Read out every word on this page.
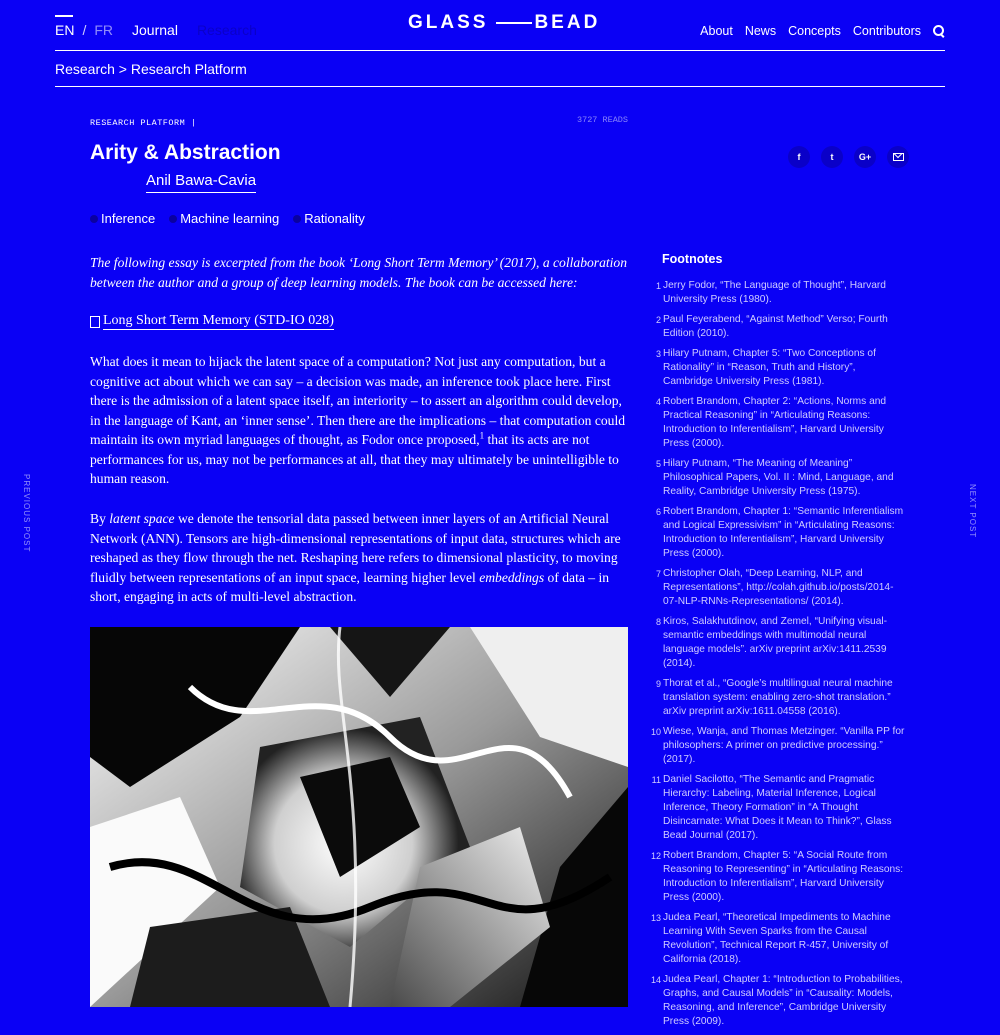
EN / FR Journal Research	GLASS BEAD	About News Concepts Contributors
Research > Research Platform
RESEARCH PLATFORM |	3727 READS
Arity & Abstraction
Anil Bawa-Cavia
f	t	G+
Inference Machine learning Rationality

The following essay is excerpted from the book ‘Long Short Term Memory’ (2017), a collaboration between the author and a group of deep learning models. The book can be accessed here:

Long Short Term Memory (STD-IO 028)

What does it mean to hijack the latent space of a computation? Not just any computation, but a cognitive act about which we can say – a decision was made, an inference took place here. First there is the admission of a latent space itself, an interiority – to assert an algorithm could develop, in the language of Kant, an ‘inner sense’. Then there are the implications – that computation could maintain its own myriad languages of thought, as Fodor once proposed,$^1$ that its acts are not performances for us, may not be performances at all, that they may ultimately be unintelligible to human reason.

By latent space we denote the tensorial data passed between inner layers of an Artificial Neural Network (ANN). Tensors are high-dimensional representations of input data, structures which are reshaped as they flow through the net. Reshaping here refers to dimensional plasticity, to moving fluidly between representations of an input space, learning higher level embeddings of data – in short, engaging in acts of multi-level abstraction.

Footnotes
1 Jerry Fodor, “The Language of Thought”, Harvard University Press (1980).
2 Paul Feyerabend, “Against Method” Verso; Fourth Edition (2010).
3 Hilary Putnam, Chapter 5: “Two Conceptions of Rationality” in “Reason, Truth and History”, Cambridge University Press (1981).
4 Robert Brandom, Chapter 2: “Actions, Norms and Practical Reasoning” in “Articulating Reasons: Introduction to Inferentialism”, Harvard University Press (2000).
5 Hilary Putnam, “The Meaning of Meaning” Philosophical Papers, Vol. II : Mind, Language, and Reality, Cambridge University Press (1975).
6 Robert Brandom, Chapter 1: “Semantic Inferentialism and Logical Expressivism” in “Articulating Reasons: Introduction to Inferentialism”, Harvard University Press (2000).
7 Christopher Olah, “Deep Learning, NLP, and Representations”, http://colah.github.io/posts/2014-07-NLP-RNNs-Representations/ (2014).
8 Kiros, Salakhutdinov, and Zemel, “Unifying visual-semantic embeddings with multimodal neural language models”. arXiv preprint arXiv:1411.2539 (2014).
9 Thorat et al., “Google’s multilingual neural machine translation system: enabling zero-shot translation.” arXiv preprint arXiv:1611.04558 (2016).
10 Wiese, Wanja, and Thomas Metzinger. “Vanilla PP for philosophers: A primer on predictive processing.” (2017).
11 Daniel Sacilotto, “The Semantic and Pragmatic Hierarchy: Labeling, Material Inference, Logical Inference, Theory Formation” in “A Thought Disincarnate: What Does it Mean to Think?”, Glass Bead Journal (2017).
12 Robert Brandom, Chapter 5: “A Social Route from Reasoning to Representing” in “Articulating Reasons: Introduction to Inferentialism”, Harvard University Press (2000).
13 Judea Pearl, “Theoretical Impediments to Machine Learning With Seven Sparks from the Causal Revolution”, Technical Report R-457, University of California (2018).
14 Judea Pearl, Chapter 1: “Introduction to Probabilities, Graphs, and Causal Models” in “Causality: Models, Reasoning, and Inference”, Cambridge University Press (2009).
PREVIOUS POST	NEXT POST
